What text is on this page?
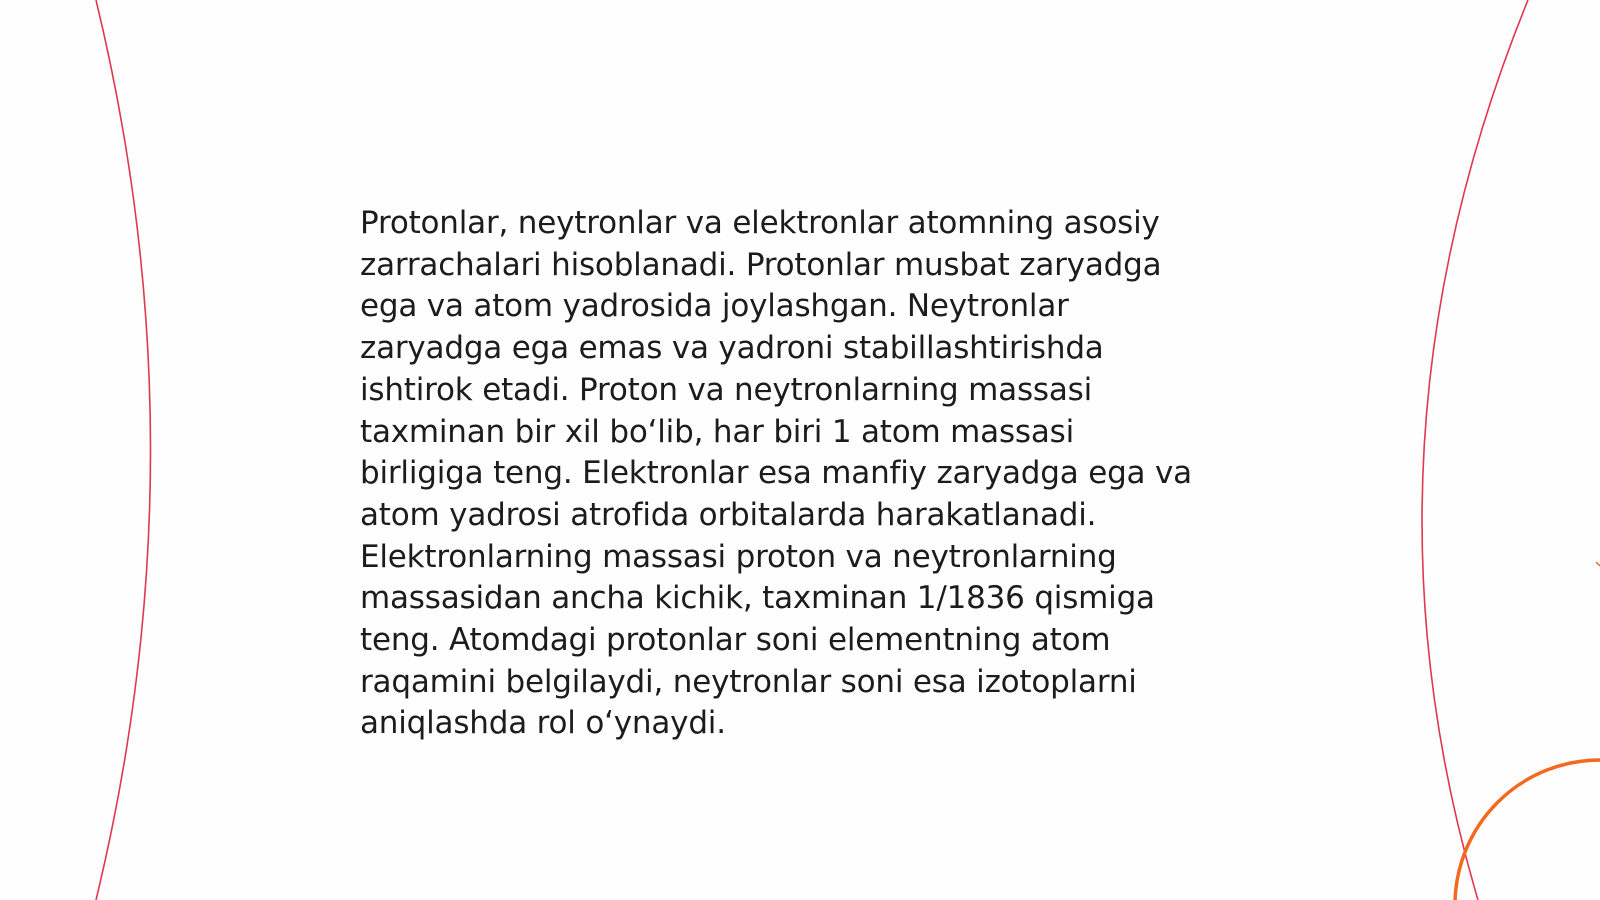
Protonlar, neytronlar va elektronlar atomning asosiy
zarrachalari hisoblanadi. Protonlar musbat zaryadga
ega va atom yadrosida joylashgan. Neytronlar
zaryadga ega emas va yadroni stabillashtirishda
ishtirok etadi. Proton va neytronlarning massasi
taxminan bir xil bo‘lib, har biri 1 atom massasi
birligiga teng. Elektronlar esa manfiy zaryadga ega va
atom yadrosi atrofida orbitalarda harakatlanadi.
Elektronlarning massasi proton va neytronlarning
massasidan ancha kichik, taxminan 1/1836 qismiga
teng. Atomdagi protonlar soni elementning atom
raqamini belgilaydi, neytronlar soni esa izotoplarni
aniqlashda rol o‘ynaydi.
